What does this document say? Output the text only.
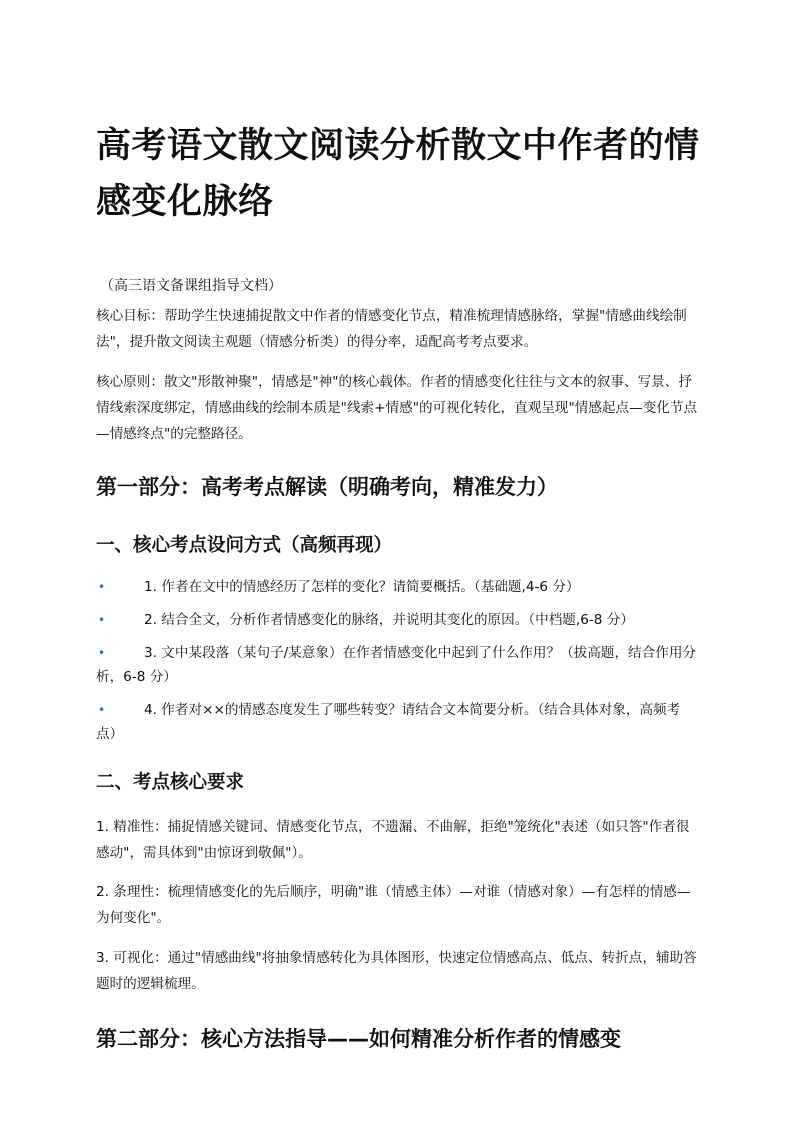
高考语文散文阅读分析散文中作者的情感变化脉络
（高三语文备课组指导文档）

核心目标：帮助学生快速捕捉散文中作者的情感变化节点，精准梳理情感脉络，掌握"情感曲线绘制法"，提升散文阅读主观题（情感分析类）的得分率，适配高考考点要求。

核心原则：散文"形散神聚"，情感是"神"的核心载体。作者的情感变化往往与文本的叙事、写景、抒情线索深度绑定，情感曲线的绘制本质是"线索+情感"的可视化转化，直观呈现"情感起点—变化节点—情感终点"的完整路径。

第一部分：高考考点解读（明确考向，精准发力）
一、核心考点设问方式（高频再现）
•	1. 作者在文中的情感经历了怎样的变化？请简要概括。（基础题,4-6 分）
•	2. 结合全文，分析作者情感变化的脉络，并说明其变化的原因。（中档题,6-8 分）
•	3. 文中某段落（某句子/某意象）在作者情感变化中起到了什么作用？（拔高题，结合作用分析，6-8 分）
•	4. 作者对××的情感态度发生了哪些转变？请结合文本简要分析。（结合具体对象，高频考点）
二、考点核心要求

1. 精准性：捕捉情感关键词、情感变化节点，不遗漏、不曲解，拒绝"笼统化"表述（如只答"作者很感动"，需具体到"由惊讶到敬佩"）。

2. 条理性：梳理情感变化的先后顺序，明确"谁（情感主体）—对谁（情感对象）—有怎样的情感—为何变化"。

3. 可视化：通过"情感曲线"将抽象情感转化为具体图形，快速定位情感高点、低点、转折点，辅助答题时的逻辑梳理。

第二部分：核心方法指导——如何精准分析作者的情感变
